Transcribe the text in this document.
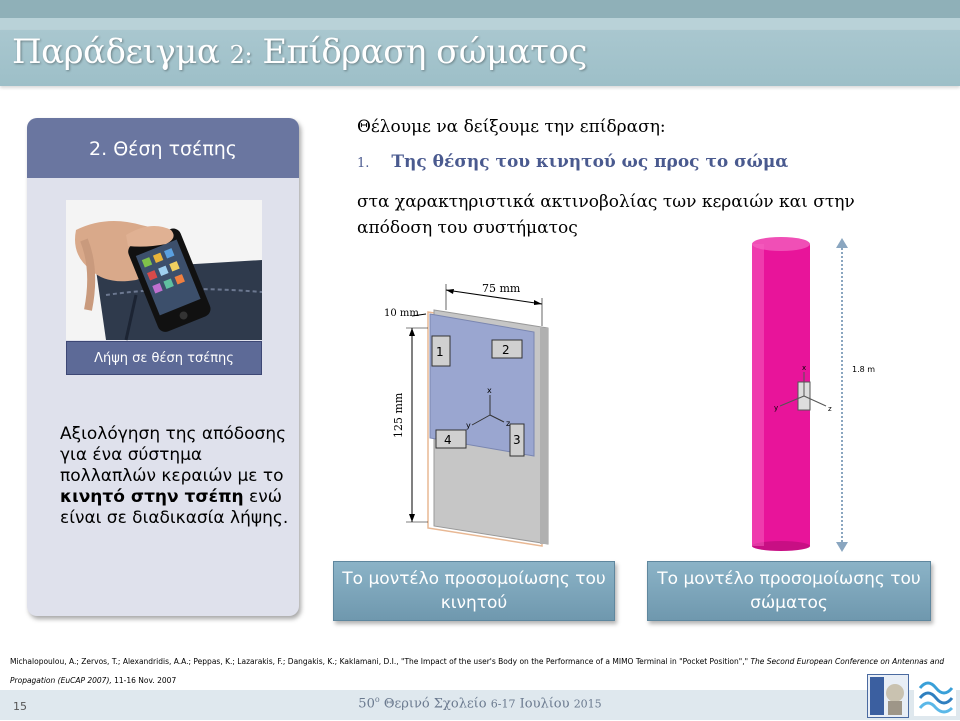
Παράδειγμα 2: Επίδραση σώματος
2. Θέση τσέπης
Λήψη σε θέση τσέπης
Αξιολόγηση της απόδοσης για ένα σύστημα πολλαπλών κεραιών με το κινητό στην τσέπη ενώ είναι σε διαδικασία λήψης.
Θέλουμε να δείξουμε την επίδραση:
1. Της θέσης του κινητού ως προς το σώμα
στα χαρακτηριστικά ακτινοβολίας των κεραιών και στην απόδοση του συστήματος
1	2
3
4
x
y	z
75 mm
10 mm
125 mm
x
y	z
1.8 m
Το μοντέλο προσομοίωσης του κινητού
Το μοντέλο προσομοίωσης του σώματος
Michalopoulou, A.; Zervos, T.; Alexandridis, A.A.; Peppas, K.; Lazarakis, F.; Dangakis, K.; Kaklamani, D.I., "The Impact of the user's Body on the Performance of a MIMO Terminal in "Pocket Position"," The Second European Conference on Antennas and Propagation (EuCAP 2007), 11-16 Nov. 2007
15	$50^o$ Θερινό Σχολείο 6-17 Ιουλίου 2015
